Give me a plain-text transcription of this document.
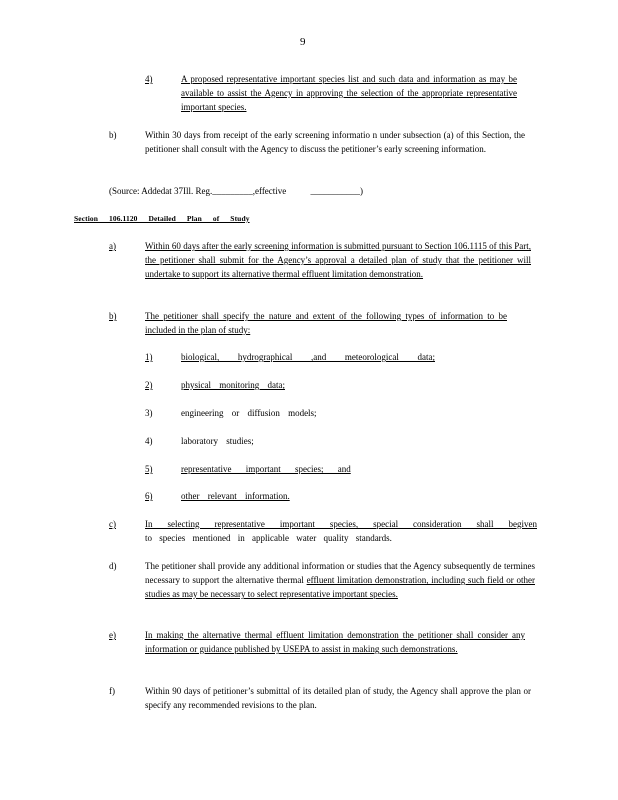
9
4)	A proposed representative important species list and such data and information as may be available to assist the Agency in approving the selection of the appropriate representative important species.
b)	Within 30 days from receipt of the early screening informatio n under subsection (a) of this Section, the petitioner shall consult with the Agency to discuss the petitioner’s early screening information.
(Source: Addedat 37Ill. Reg._________,effective	___________)
Section 106.1120 Detailed Plan of Study
a)	Within 60 days after the early screening information is submitted pursuant to Section 106.1115 of this Part, the petitioner shall submit for the Agency’s approval a detailed plan of study that the petitioner will undertake to support its alternative thermal effluent limitation demonstration.
b)	The petitioner shall specify the nature and extent of the following types of information to be included in the plan of study:
1)	biological, hydrographical ,and meteorological data;
2)	physical monitoring data;
3)	engineering or diffusion models;
4)	laboratory studies;
5)	representative important species; and
6)	other relevant information.
c)	In selecting representative important species, special consideration shall begiven
to species mentioned in applicable water quality standards.
d)	The petitioner shall provide any additional information or studies that the Agency subsequently de termines necessary to support the alternative thermal effluent limitation demonstration, including such field or other studies as may be necessary to select representative important species.
e)	In making the alternative thermal effluent limitation demonstration the petitioner shall consider any information or guidance published by USEPA to assist in making such demonstrations.
f)	Within 90 days of petitioner’s submittal of its detailed plan of study, the Agency shall approve the plan or specify any recommended revisions to the plan.
